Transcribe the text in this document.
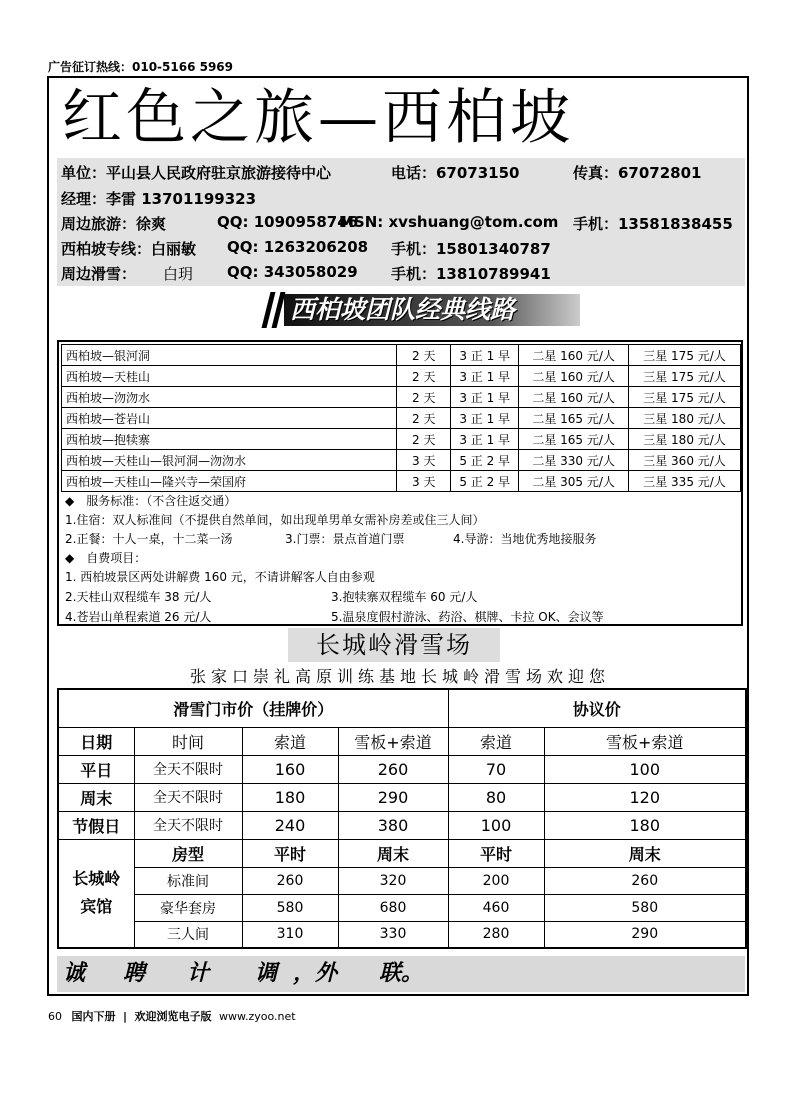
广告征订热线：010-5166 5969
红色之旅—西柏坡
单位：平山县人民政府驻京旅游接待中心	电话：67073150	传真：67072801
经理：李雷 13701199323
周边旅游：徐爽	QQ: 1090958746
MSN: xvshuang@tom.com 手机：13581838455
西柏坡专线：白丽敏 QQ: 1263206208 手机：15801340787
周边滑雪： 白玥 QQ: 343058029 手机：13810789941
西柏坡团队经典线路
西柏坡—银河洞	2 天	3 正 1 早	二星 160 元/人	三星 175 元/人
西柏坡—天桂山	2 天	3 正 1 早	二星 160 元/人	三星 175 元/人
西柏坡—沕沕水	2 天	3 正 1 早	二星 160 元/人	三星 175 元/人
西柏坡—苍岩山	2 天	3 正 1 早	二星 165 元/人	三星 180 元/人
西柏坡—抱犊寨	2 天	3 正 1 早	二星 165 元/人	三星 180 元/人
西柏坡—天桂山—银河洞—沕沕水	3 天	5 正 2 早	二星 330 元/人	三星 360 元/人
西柏坡—天桂山—隆兴寺—荣国府	3 天	5 正 2 早	二星 305 元/人	三星 335 元/人
◆　服务标准：（不含往返交通）
1.住宿：双人标准间（不提供自然单间，如出现单男单女需补房差或住三人间）
2.正餐：十人一桌，十二菜一汤	3.门票：景点首道门票	4.导游：当地优秀地接服务
◆　自费项目：
1. 西柏坡景区两处讲解费 160 元，不请讲解客人自由参观
2.天桂山双程缆车 38 元/人	3.抱犊寨双程缆车 60 元/人
4.苍岩山单程索道 26 元/人	5.温泉度假村游泳、药浴、棋牌、卡拉 OK、会议等
长城岭滑雪场
张家口崇礼高原训练基地长城岭滑雪场欢迎您
滑雪门市价（挂牌价）				协议价	
日期	时间	索道	雪板+索道	索道	雪板+索道
平日	全天不限时	160	260	70	100
周末	全天不限时	180	290	80	120
节假日	全天不限时	240	380	100	180
长城岭
宾馆	房型	平时	周末	平时	周末
	标准间	260	320	200	260
	豪华套房	580	680	460	580
	三人间	310	330	280	290
诚 聘 计 调 ，外 联。
60 国内下册 | 欢迎浏览电子版 www.zyoo.net
